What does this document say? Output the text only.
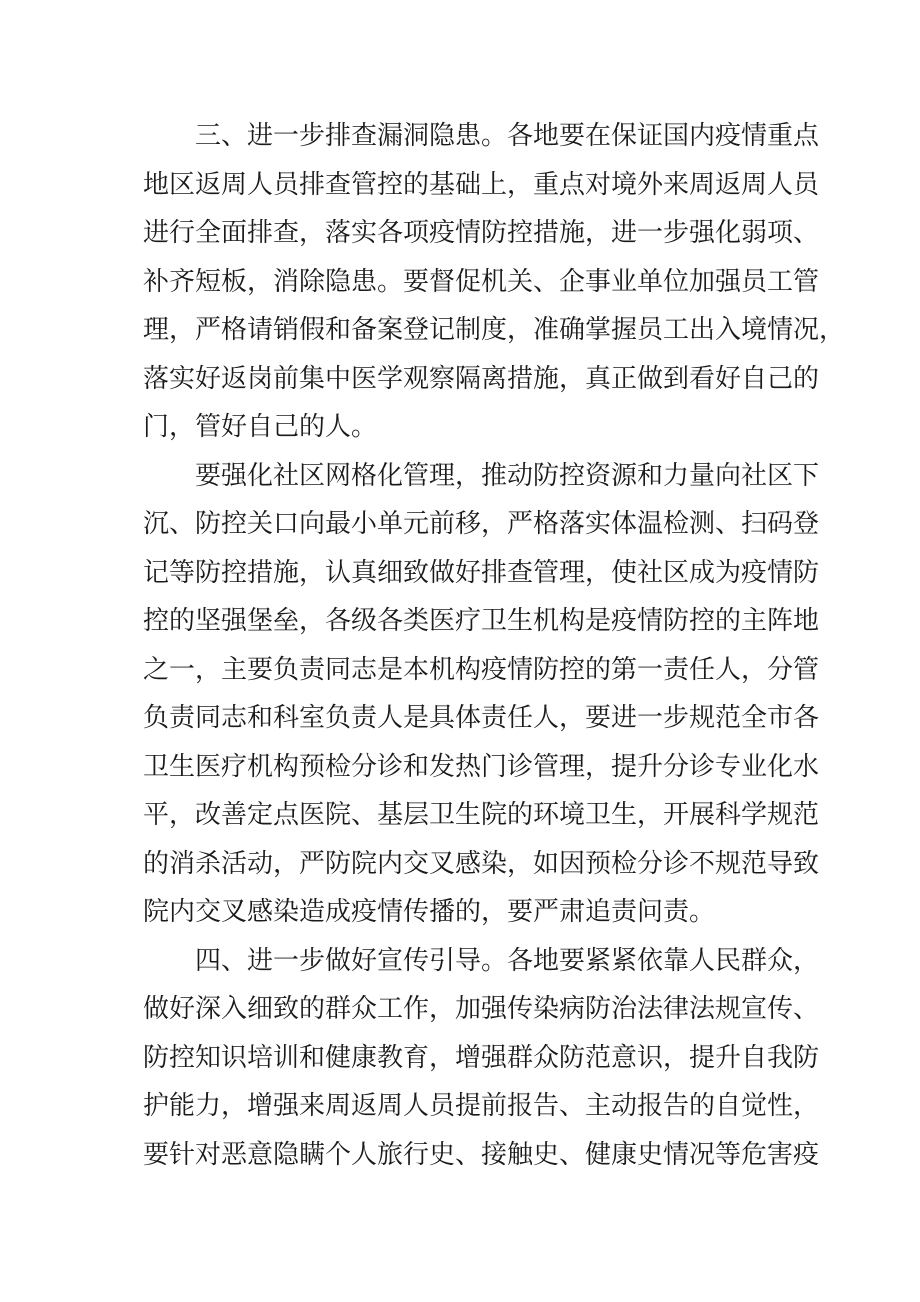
三、进一步排查漏洞隐患。各地要在保证国内疫情重点
地区返周人员排查管控的基础上，重点对境外来周返周人员
进行全面排查，落实各项疫情防控措施，进一步强化弱项、
补齐短板，消除隐患。要督促机关、企事业单位加强员工管
理，严格请销假和备案登记制度，准确掌握员工出入境情况，
落实好返岗前集中医学观察隔离措施，真正做到看好自己的
门，管好自己的人。
要强化社区网格化管理，推动防控资源和力量向社区下
沉、防控关口向最小单元前移，严格落实体温检测、扫码登
记等防控措施，认真细致做好排查管理，使社区成为疫情防
控的坚强堡垒，各级各类医疗卫生机构是疫情防控的主阵地
之一，主要负责同志是本机构疫情防控的第一责任人，分管
负责同志和科室负责人是具体责任人，要进一步规范全市各
卫生医疗机构预检分诊和发热门诊管理，提升分诊专业化水
平，改善定点医院、基层卫生院的环境卫生，开展科学规范
的消杀活动，严防院内交叉感染，如因预检分诊不规范导致
院内交叉感染造成疫情传播的，要严肃追责问责。
四、进一步做好宣传引导。各地要紧紧依靠人民群众，
做好深入细致的群众工作，加强传染病防治法律法规宣传、
防控知识培训和健康教育，增强群众防范意识，提升自我防
护能力，增强来周返周人员提前报告、主动报告的自觉性，
要针对恶意隐瞒个人旅行史、接触史、健康史情况等危害疫
